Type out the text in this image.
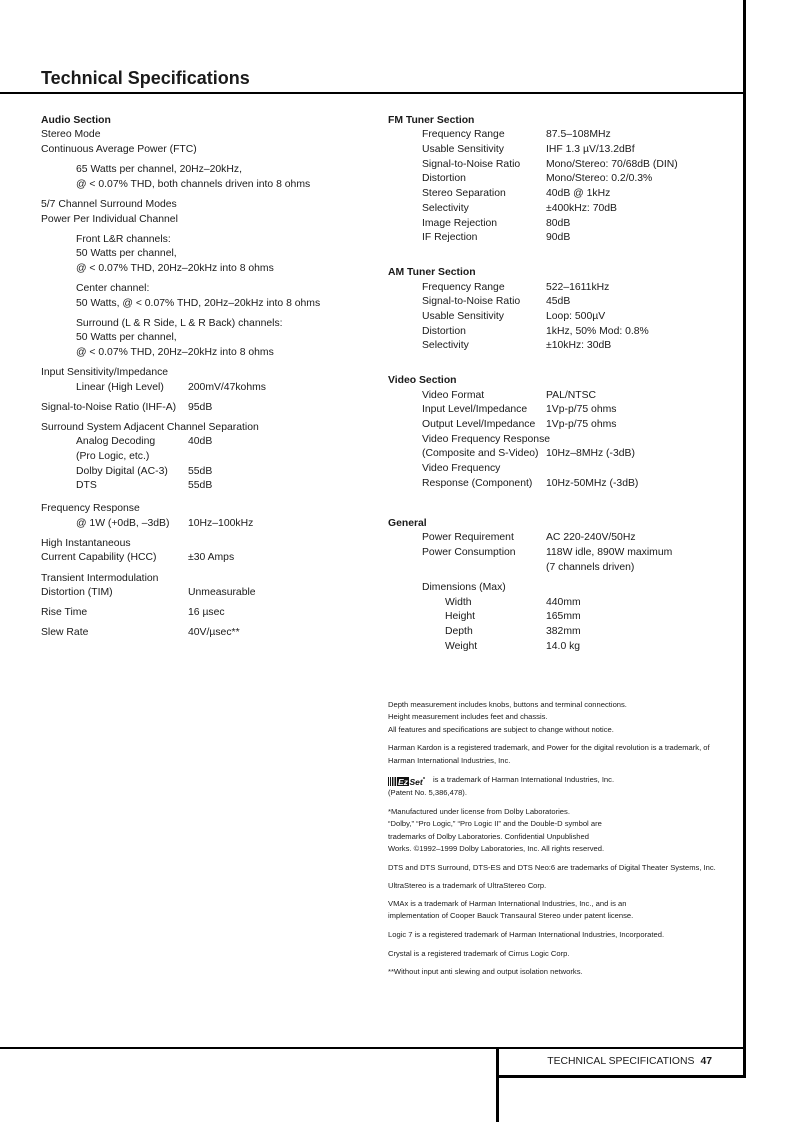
Technical Specifications
Audio Section
Stereo Mode
Continuous Average Power (FTC)
65 Watts per channel, 20Hz–20kHz,
@ < 0.07% THD, both channels driven into 8 ohms
5/7 Channel Surround Modes
Power Per Individual Channel
Front L&R channels:
50 Watts per channel,
@ < 0.07% THD, 20Hz–20kHz into 8 ohms
Center channel:
50 Watts, @ < 0.07% THD, 20Hz–20kHz into 8 ohms
Surround (L & R Side, L & R Back) channels:
50 Watts per channel,
@ < 0.07% THD, 20Hz–20kHz into 8 ohms
Input Sensitivity/Impedance
Linear (High Level) 200mV/47kohms
Signal-to-Noise Ratio (IHF-A) 95dB
Surround System Adjacent Channel Separation
Analog Decoding	40dB
(Pro Logic, etc.)
Dolby Digital (AC-3) 55dB
DTS	55dB
Frequency Response
@ 1W (+0dB, –3dB) 10Hz–100kHz
High Instantaneous
Current Capability (HCC)	±30 Amps
Transient Intermodulation
Distortion (TIM)	Unmeasurable
Rise Time	16 µsec
Slew Rate	40V/µsec**
FM Tuner Section
Frequency Range	87.5–108MHz
Usable Sensitivity	IHF 1.3 µV/13.2dBf
Signal-to-Noise Ratio Mono/Stereo: 70/68dB (DIN)
Distortion	Mono/Stereo: 0.2/0.3%
Stereo Separation	40dB @ 1kHz
Selectivity	±400kHz: 70dB
Image Rejection	80dB
IF Rejection	90dB
AM Tuner Section
Frequency Range	522–1611kHz
Signal-to-Noise Ratio 45dB
Usable Sensitivity	Loop: 500µV
Distortion	1kHz, 50% Mod: 0.8%
Selectivity	±10kHz: 30dB
Video Section
Video Format	PAL/NTSC
Input Level/Impedance 1Vp-p/75 ohms
Output Level/Impedance 1Vp-p/75 ohms
Video Frequency Response
(Composite and S-Video) 10Hz–8MHz (-3dB)
Video Frequency
Response (Component) 10Hz-50MHz (-3dB)
General
Power Requirement	AC 220-240V/50Hz
Power Consumption	118W idle, 890W maximum
(7 channels driven)
Dimensions (Max)
Width	440mm
Height	165mm
Depth	382mm
Weight	14.0 kg
Depth measurement includes knobs, buttons and terminal connections.
Height measurement includes feet and chassis.
All features and specifications are subject to change without notice.
Harman Kardon is a registered trademark, and Power for the digital revolution is a trademark, of
Harman International Industries, Inc.
Ez Set is a trademark of Harman International Industries, Inc.
(Patent No. 5,386,478).
*Manufactured under license from Dolby Laboratories.
“Dolby,” “Pro Logic,” “Pro Logic II” and the Double-D symbol are
trademarks of Dolby Laboratories. Confidential Unpublished
Works. ©1992–1999 Dolby Laboratories, Inc. All rights reserved.
DTS and DTS Surround, DTS-ES and DTS Neo:6 are trademarks of Digital Theater Systems, Inc.
UltraStereo is a trademark of UltraStereo Corp.
VMAx is a trademark of Harman International Industries, Inc., and is an
implementation of Cooper Bauck Transaural Stereo under patent license.
Logic 7 is a registered trademark of Harman International Industries, Incorporated.
Crystal is a registered trademark of Cirrus Logic Corp.
**Without input anti slewing and output isolation networks.
TECHNICAL SPECIFICATIONS 47
